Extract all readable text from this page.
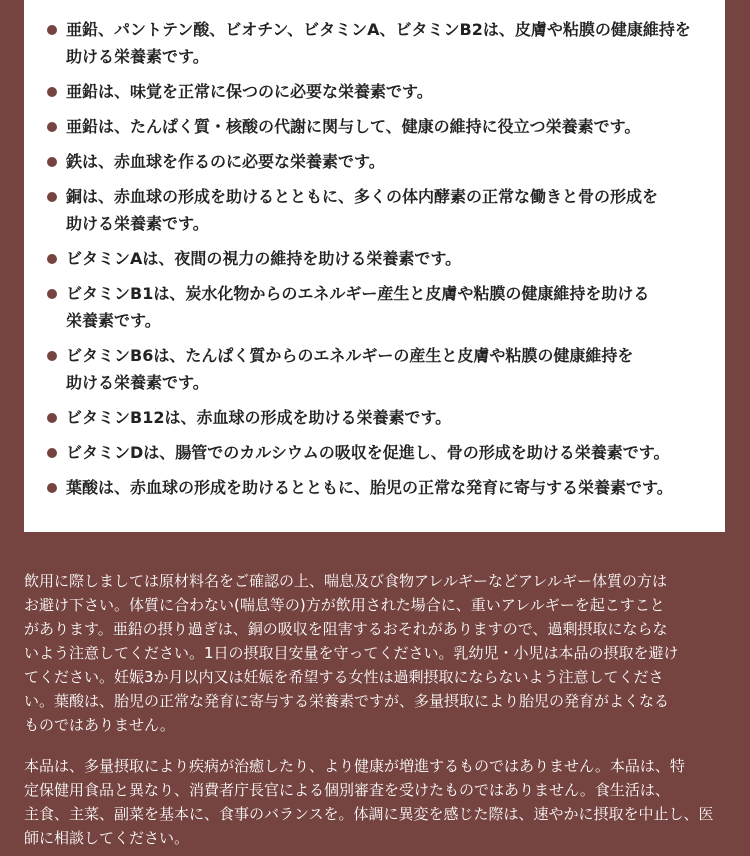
亜鉛、パントテン酸、ビオチン、ビタミンA、ビタミンB2は、皮膚や粘膜の健康維持を
助ける栄養素です。
亜鉛は、味覚を正常に保つのに必要な栄養素です。
亜鉛は、たんぱく質・核酸の代謝に関与して、健康の維持に役立つ栄養素です。
鉄は、赤血球を作るのに必要な栄養素です。
銅は、赤血球の形成を助けるとともに、多くの体内酵素の正常な働きと骨の形成を
助ける栄養素です。
ビタミンAは、夜間の視力の維持を助ける栄養素です。
ビタミンB1は、炭水化物からのエネルギー産生と皮膚や粘膜の健康維持を助ける
栄養素です。
ビタミンB6は、たんぱく質からのエネルギーの産生と皮膚や粘膜の健康維持を
助ける栄養素です。
ビタミンB12は、赤血球の形成を助ける栄養素です。
ビタミンDは、腸管でのカルシウムの吸収を促進し、骨の形成を助ける栄養素です。
葉酸は、赤血球の形成を助けるとともに、胎児の正常な発育に寄与する栄養素です。

飲用に際しましては原材料名をご確認の上、喘息及び食物アレルギーなどアレルギー体質の方は
お避け下さい。体質に合わない(喘息等の)方が飲用された場合に、重いアレルギーを起こすこと
があります。亜鉛の摂り過ぎは、銅の吸収を阻害するおそれがありますので、過剰摂取にならな
いよう注意してください。1日の摂取目安量を守ってください。乳幼児・小児は本品の摂取を避け
てください。妊娠3か月以内又は妊娠を希望する女性は過剰摂取にならないよう注意してくださ
い。葉酸は、胎児の正常な発育に寄与する栄養素ですが、多量摂取により胎児の発育がよくなる
ものではありません。

本品は、多量摂取により疾病が治癒したり、より健康が増進するものではありません。本品は、特
定保健用食品と異なり、消費者庁長官による個別審査を受けたものではありません。食生活は、
主食、主菜、副菜を基本に、食事のバランスを。体調に異変を感じた際は、速やかに摂取を中止し、医
師に相談してください。
